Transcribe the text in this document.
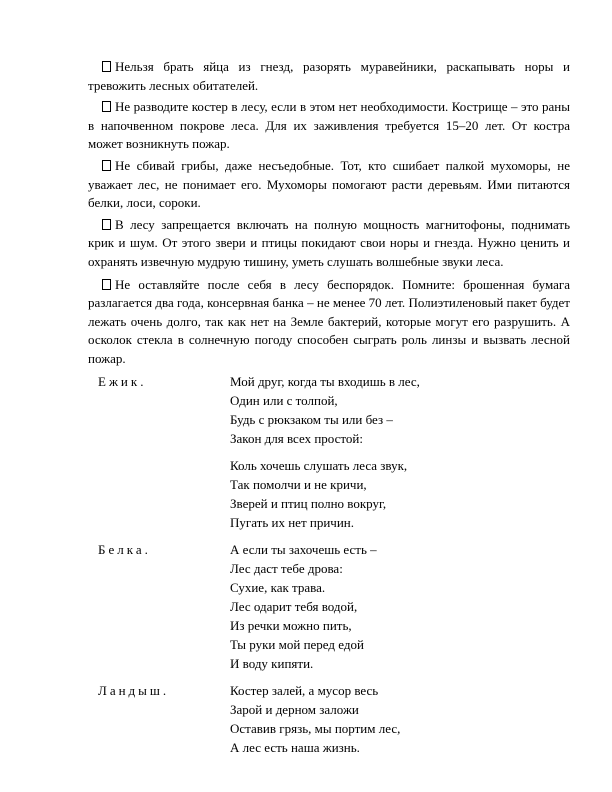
Нельзя брать яйца из гнезд, разорять муравейники, раскапывать норы и тревожить лесных обитателей.

Не разводите костер в лесу, если в этом нет необходимости. Кострище – это раны в напочвенном покрове леса. Для их заживления требуется 15–20 лет. От костра может возникнуть пожар.

Не сбивай грибы, даже несъедобные. Тот, кто сшибает палкой мухоморы, не уважает лес, не понимает его. Мухоморы помогают расти деревьям. Ими питаются белки, лоси, сороки.

В лесу запрещается включать на полную мощность магнитофоны, поднимать крик и шум. От этого звери и птицы покидают свои норы и гнезда. Нужно ценить и охранять извечную мудрую тишину, уметь слушать волшебные звуки леса.

Не оставляйте после себя в лесу беспорядок. Помните: брошенная бумага разлагается два года, консервная банка – не менее 70 лет. Полиэтиленовый пакет будет лежать очень долго, так как нет на Земле бактерий, которые могут его разрушить. А осколок стекла в солнечную погоду способен сыграть роль линзы и вызвать лесной пожар.

Ежик.	Мой друг, когда ты входишь в лес,
Один или с толпой,
Будь с рюкзаком ты или без –
Закон для всех простой:
Коль хочешь слушать леса звук,
Так помолчи и не кричи,
Зверей и птиц полно вокруг,
Пугать их нет причин.
Белка.	А если ты захочешь есть –
Лес даст тебе дрова:
Сухие, как трава.
Лес одарит тебя водой,
Из речки можно пить,
Ты руки мой перед едой
И воду кипяти.
Ландыш.	Костер залей, а мусор весь
Зарой и дерном заложи
Оставив грязь, мы портим лес,
А лес есть наша жизнь.
